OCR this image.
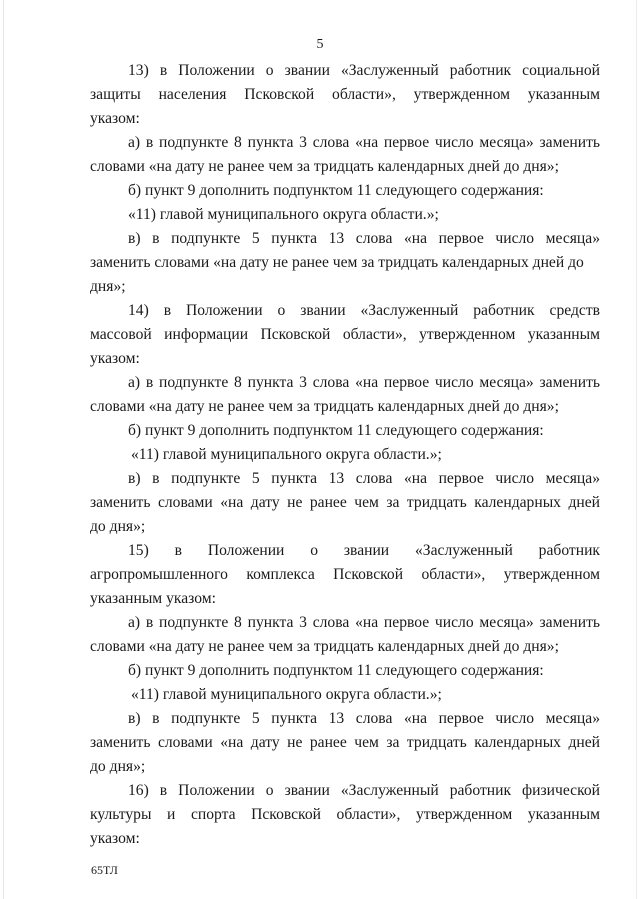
5
13) в Положении о звании «Заслуженный работник социальной
защиты населения Псковской области», утвержденном указанным
указом:
а) в подпункте 8 пункта 3 слова «на первое число месяца» заменить
словами «на дату не ранее чем за тридцать календарных дней до дня»;
б) пункт 9 дополнить подпунктом 11 следующего содержания:
«11) главой муниципального округа области.»;
в) в подпункте 5 пункта 13 слова «на первое число месяца»
заменить словами «на дату не ранее чем за тридцать календарных дней до
дня»;
14) в Положении о звании «Заслуженный работник средств
массовой информации Псковской области», утвержденном указанным
указом:
а) в подпункте 8 пункта 3 слова «на первое число месяца» заменить
словами «на дату не ранее чем за тридцать календарных дней до дня»;
б) пункт 9 дополнить подпунктом 11 следующего содержания:
«11) главой муниципального округа области.»;
в) в подпункте 5 пункта 13 слова «на первое число месяца»
заменить словами «на дату не ранее чем за тридцать календарных дней
до дня»;
15) в Положении о звании «Заслуженный работник
агропромышленного комплекса Псковской области», утвержденном
указанным указом:
а) в подпункте 8 пункта 3 слова «на первое число месяца» заменить
словами «на дату не ранее чем за тридцать календарных дней до дня»;
б) пункт 9 дополнить подпунктом 11 следующего содержания:
«11) главой муниципального округа области.»;
в) в подпункте 5 пункта 13 слова «на первое число месяца»
заменить словами «на дату не ранее чем за тридцать календарных дней
до дня»;
16) в Положении о звании «Заслуженный работник физической
культуры и спорта Псковской области», утвержденном указанным
указом:
65ТЛ
